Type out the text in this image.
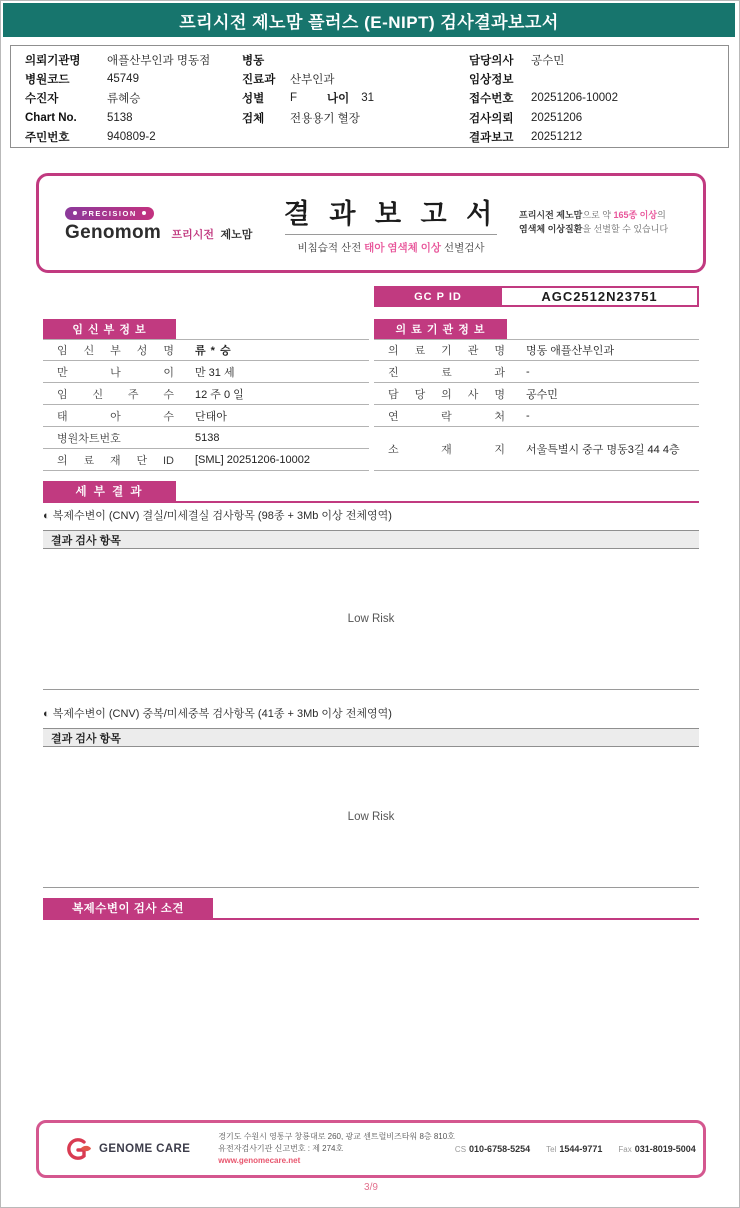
프리시전 제노맘 플러스 (E-NIPT) 검사결과보고서
의뢰기관명	애플산부인과 명동점
병원코드	45749
수진자	류혜승
Chart No.	5138
주민번호	940809-2
병동
진료과	산부인과
성별	F	나이 31
검체	전용용기 혈장
담당의사	공수민
임상정보
접수번호	20251206-10002
검사의뢰	20251206
결과보고	20251212
PRECISION
Genomom 프리시전 제노맘
결 과 보 고 서
비침습적 산전 태아 염색체 이상 선별검사
프리시전 제노맘으로 약 165종 이상의
염색체 이상질환을 선별할 수 있습니다
GC P ID	AGC2512N23751
임 신 부 정 보
임 신 부 성 명	류 * 승
만 나 이	만 31 세
임 신 주 수	12 주 0 일
태 아 수	단태아
병원차트번호	5138
의 료 재 단 ID	[SML] 20251206-10002
의 료 기 관 정 보
의 료 기 관 명	명동 애플산부인과
진 료 과	-
담 당 의 사 명	공수민
연 락 처	-
소 재 지	서울특별시 중구 명동3길 44 4층
세 부 결 과
◐ 복제수변이 (CNV) 결실/미세결실 검사항목 (98종 + 3Mb 이상 전체영역)
결과 검사 항목
Low Risk
◐ 복제수변이 (CNV) 중복/미세중복 검사항목 (41종 + 3Mb 이상 전체영역)
결과 검사 항목
Low Risk
복제수변이 검사 소견
GENOME CARE
경기도 수원시 영통구 창룡대로 260, 광교 센트럴비즈타워 8층 810호
유전자검사기관 신고번호 : 제 274호
www.genomecare.net
CS 010-6758-5254 Tel 1544-9771 Fax 031-8019-5004
3/9
